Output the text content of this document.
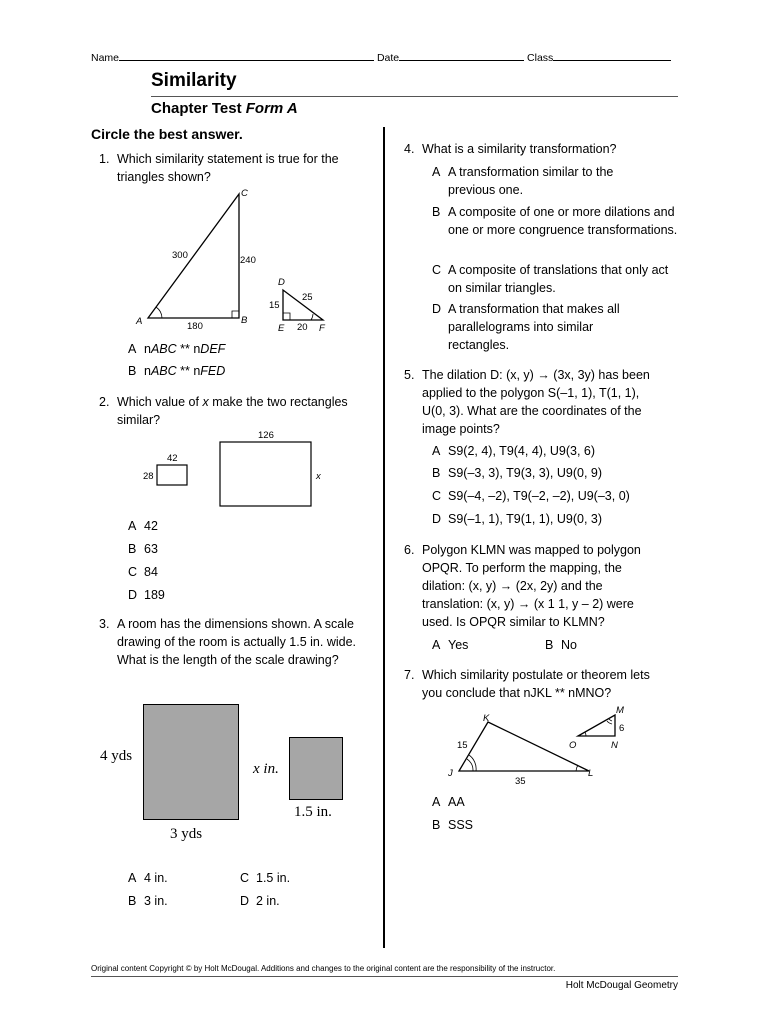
Name	Date	Class
Similarity
Chapter Test Form A
Circle the best answer.
1. Which similarity statement is true for the triangles shown?
A	B
C
300	240
180
D
E	F
15
25
20
A nABC ** nDEF
B nABC ** nFED
2. Which value of x make the two rectangles similar?
42
28
126
x
A 42
B 63
C 84
D 189
3. A room has the dimensions shown. A scale drawing of the room is actually 1.5 in. wide. What is the length of the scale drawing?
4 yds
3 yds
x in.
1.5 in.
A 4 in.	C 1.5 in.
B 3 in.	D 2 in.
4. What is a similarity transformation?
A A transformation similar to the previous one.
B A composite of one or more dilations and one or more congruence transformations.
C A composite of translations that only act on similar triangles.
D A transformation that makes all parallelograms into similar rectangles.
5. The dilation D: (x, y) → (3x, 3y) has been
applied to the polygon S(–1, 1), T(1, 1),
U(0, 3). What are the coordinates of the
image points?
A S9(2, 4), T9(4, 4), U9(3, 6)
B S9(–3, 3), T9(3, 3), U9(0, 9)
C S9(–4, –2), T9(–2, –2), U9(–3, 0)
D S9(–1, 1), T9(1, 1), U9(0, 3)
6. Polygon KLMN was mapped to polygon
OPQR. To perform the mapping, the
dilation: (x, y) → (2x, 2y) and the
translation: (x, y) → (x 1 1, y – 2) were
used. Is OPQR similar to KLMN?
A Yes	B No
7. Which similarity postulate or theorem lets
you conclude that nJKL ** nMNO?
J
K
L
15
35
M
N
O
6
A AA
B SSS
Original content Copyright © by Holt McDougal. Additions and changes to the original content are the responsibility of the instructor.
Holt McDougal Geometry
